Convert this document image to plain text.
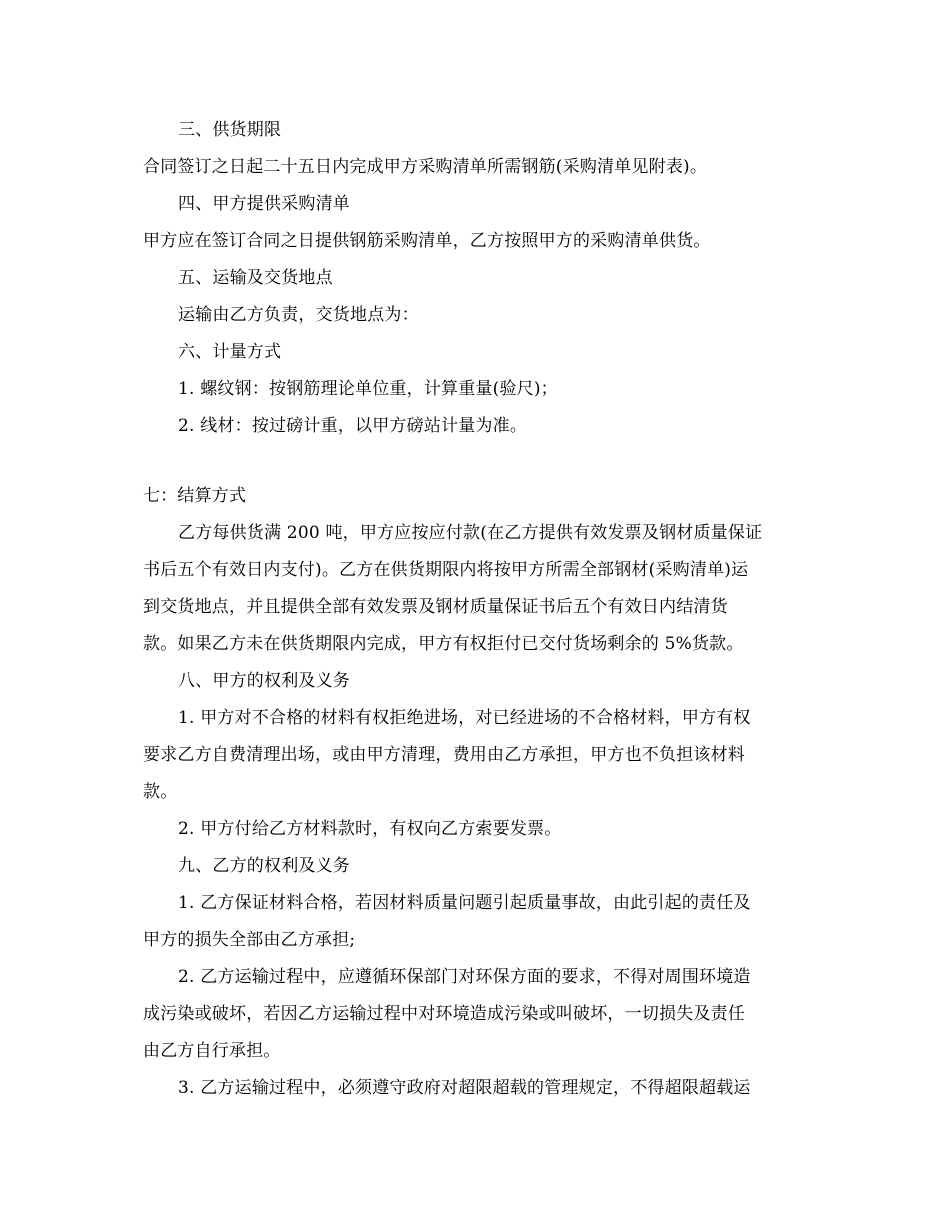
三、供货期限
合同签订之日起二十五日内完成甲方采购清单所需钢筋(采购清单见附表)。
四、甲方提供采购清单
甲方应在签订合同之日提供钢筋采购清单，乙方按照甲方的采购清单供货。
五、运输及交货地点
运输由乙方负责，交货地点为：
六、计量方式
1. 螺纹钢：按钢筋理论单位重，计算重量(验尺)；
2. 线材：按过磅计重，以甲方磅站计量为准。
七：结算方式
乙方每供货满 200 吨，甲方应按应付款(在乙方提供有效发票及钢材质量保证
书后五个有效日内支付)。乙方在供货期限内将按甲方所需全部钢材(采购清单)运
到交货地点，并且提供全部有效发票及钢材质量保证书后五个有效日内结清货
款。如果乙方未在供货期限内完成，甲方有权拒付已交付货场剩余的 5%货款。
八、甲方的权利及义务
1. 甲方对不合格的材料有权拒绝进场，对已经进场的不合格材料，甲方有权
要求乙方自费清理出场，或由甲方清理，费用由乙方承担，甲方也不负担该材料
款。
2. 甲方付给乙方材料款时，有权向乙方索要发票。
九、乙方的权利及义务
1. 乙方保证材料合格，若因材料质量问题引起质量事故，由此引起的责任及
甲方的损失全部由乙方承担;
2. 乙方运输过程中，应遵循环保部门对环保方面的要求，不得对周围环境造
成污染或破坏，若因乙方运输过程中对环境造成污染或叫破坏，一切损失及责任
由乙方自行承担。
3. 乙方运输过程中，必须遵守政府对超限超载的管理规定，不得超限超载运
